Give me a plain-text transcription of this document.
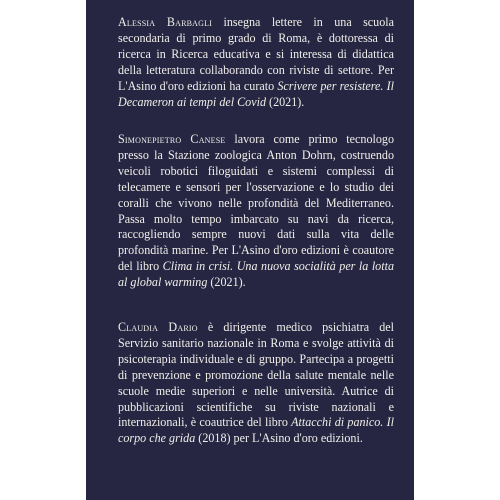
Alessia Barbagli insegna lettere in una scuola secondaria di primo grado di Roma, è dottoressa di ricerca in Ricerca educativa e si interessa di didattica della letteratura collaborando con riviste di settore. Per L'Asino d'oro edizioni ha curato Scrivere per resistere. Il Decameron ai tempi del Covid (2021).

Simonepietro Canese lavora come primo tecnologo presso la Stazione zoologica Anton Dohrn, costruendo veicoli robotici filoguidati e sistemi complessi di telecamere e sensori per l'osservazione e lo studio dei coralli che vivono nelle profondità del Mediterraneo. Passa molto tempo imbarcato su navi da ricerca, raccogliendo sempre nuovi dati sulla vita delle profondità marine. Per L'Asino d'oro edizioni è coautore del libro Clima in crisi. Una nuova socialità per la lotta al global warming (2021).

Claudia Dario è dirigente medico psichiatra del Servizio sanitario nazionale in Roma e svolge attività di psicoterapia individuale e di gruppo. Partecipa a progetti di prevenzione e promozione della salute mentale nelle scuole medie superiori e nelle università. Autrice di pubblicazioni scientifiche su riviste nazionali e internazionali, è coautrice del libro Attacchi di panico. Il corpo che grida (2018) per L'Asino d'oro edizioni.
